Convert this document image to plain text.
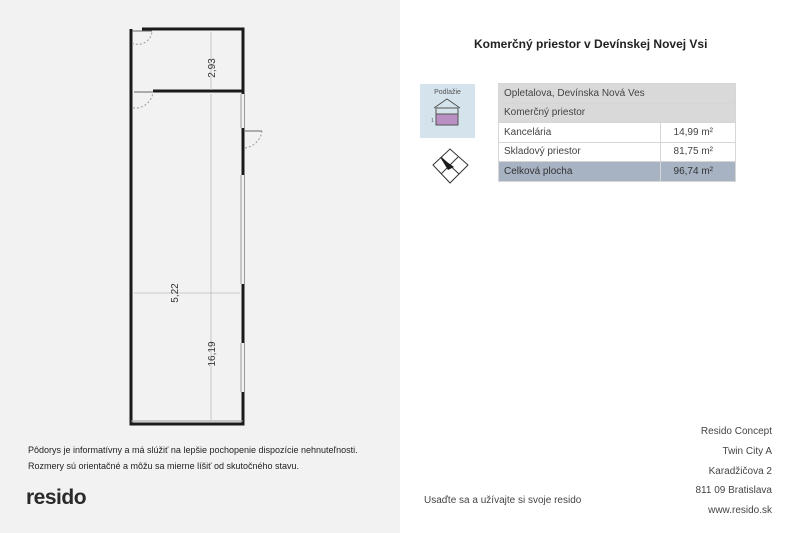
2,93
5,22
16,19
Pôdorys je informatívny a má slúžiť na lepšie pochopenie dispozície nehnuteľnosti.
Rozmery sú orientačné a môžu sa mierne líšiť od skutočného stavu.
resido
Komerčný priestor v Devínskej Novej Vsi
Podlažie
1
Opletalova, Devínska Nová Ves	
Komerčný priestor	
Kancelária	14,99 m²
Skladový priestor	81,75 m²
Celková plocha	96,74 m²
Resido Concept
Twin City A
Karadžičova 2
811 09 Bratislava
www.resido.sk
Usaďte sa a užívajte si svoje resido
